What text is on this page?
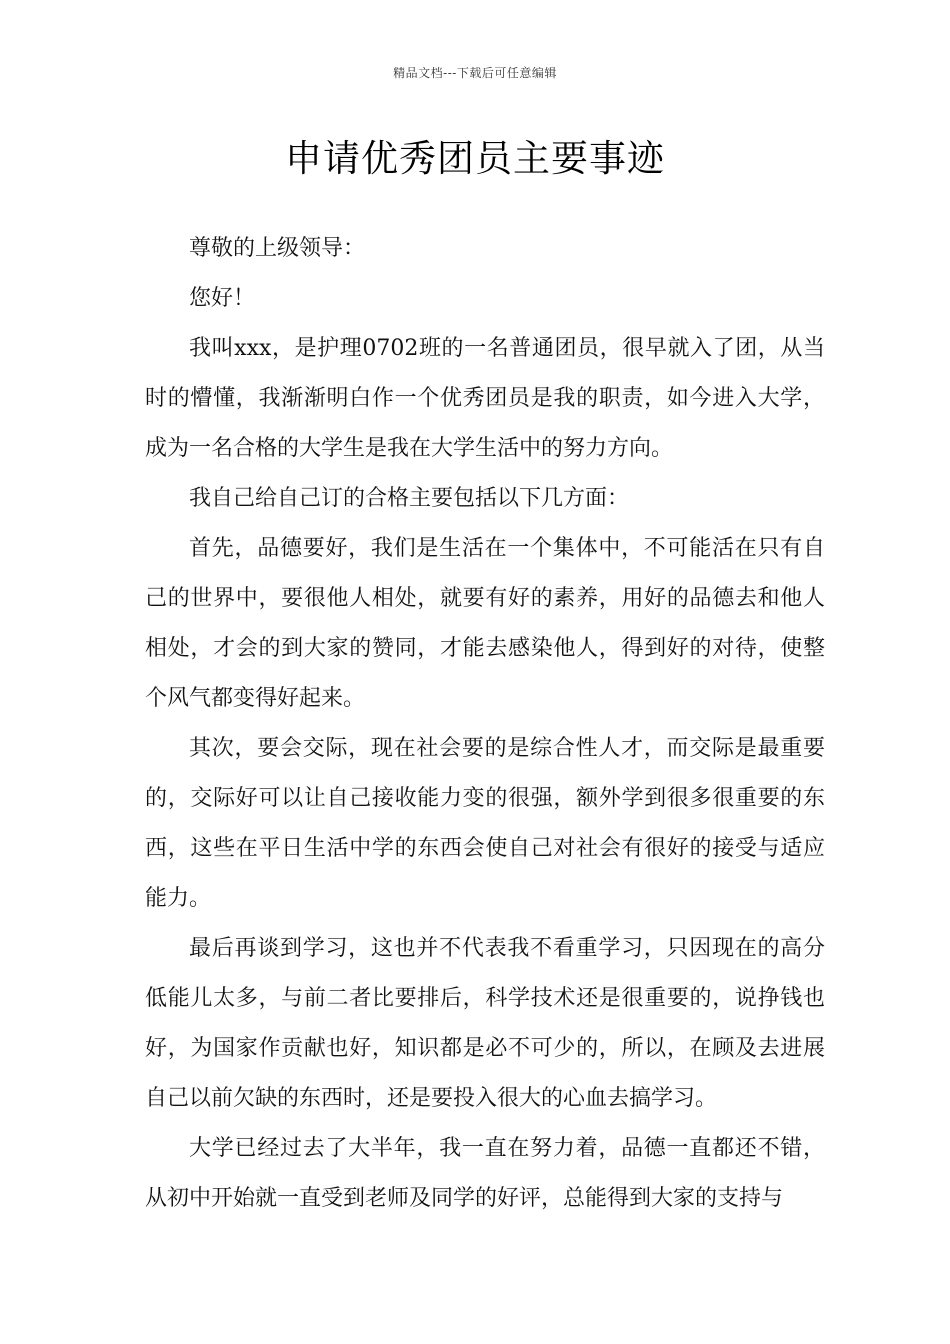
精品文档---下载后可任意编辑
申请优秀团员主要事迹

尊敬的上级领导：

您好！

我叫xxx，是护理0702班的一名普通团员，很早就入了团，从当时的懵懂，我渐渐明白作一个优秀团员是我的职责，如今进入大学，成为一名合格的大学生是我在大学生活中的努力方向。

我自己给自己订的合格主要包括以下几方面：

首先，品德要好，我们是生活在一个集体中，不可能活在只有自己的世界中，要很他人相处，就要有好的素养，用好的品德去和他人相处，才会的到大家的赞同，才能去感染他人，得到好的对待，使整个风气都变得好起来。

其次，要会交际，现在社会要的是综合性人才，而交际是最重要的，交际好可以让自己接收能力变的很强，额外学到很多很重要的东西，这些在平日生活中学的东西会使自己对社会有很好的接受与适应能力。

最后再谈到学习，这也并不代表我不看重学习，只因现在的高分低能儿太多，与前二者比要排后，科学技术还是很重要的，说挣钱也好，为国家作贡献也好，知识都是必不可少的，所以，在顾及去进展自己以前欠缺的东西时，还是要投入很大的心血去搞学习。

大学已经过去了大半年，我一直在努力着，品德一直都还不错，从初中开始就一直受到老师及同学的好评，总能得到大家的支持与
